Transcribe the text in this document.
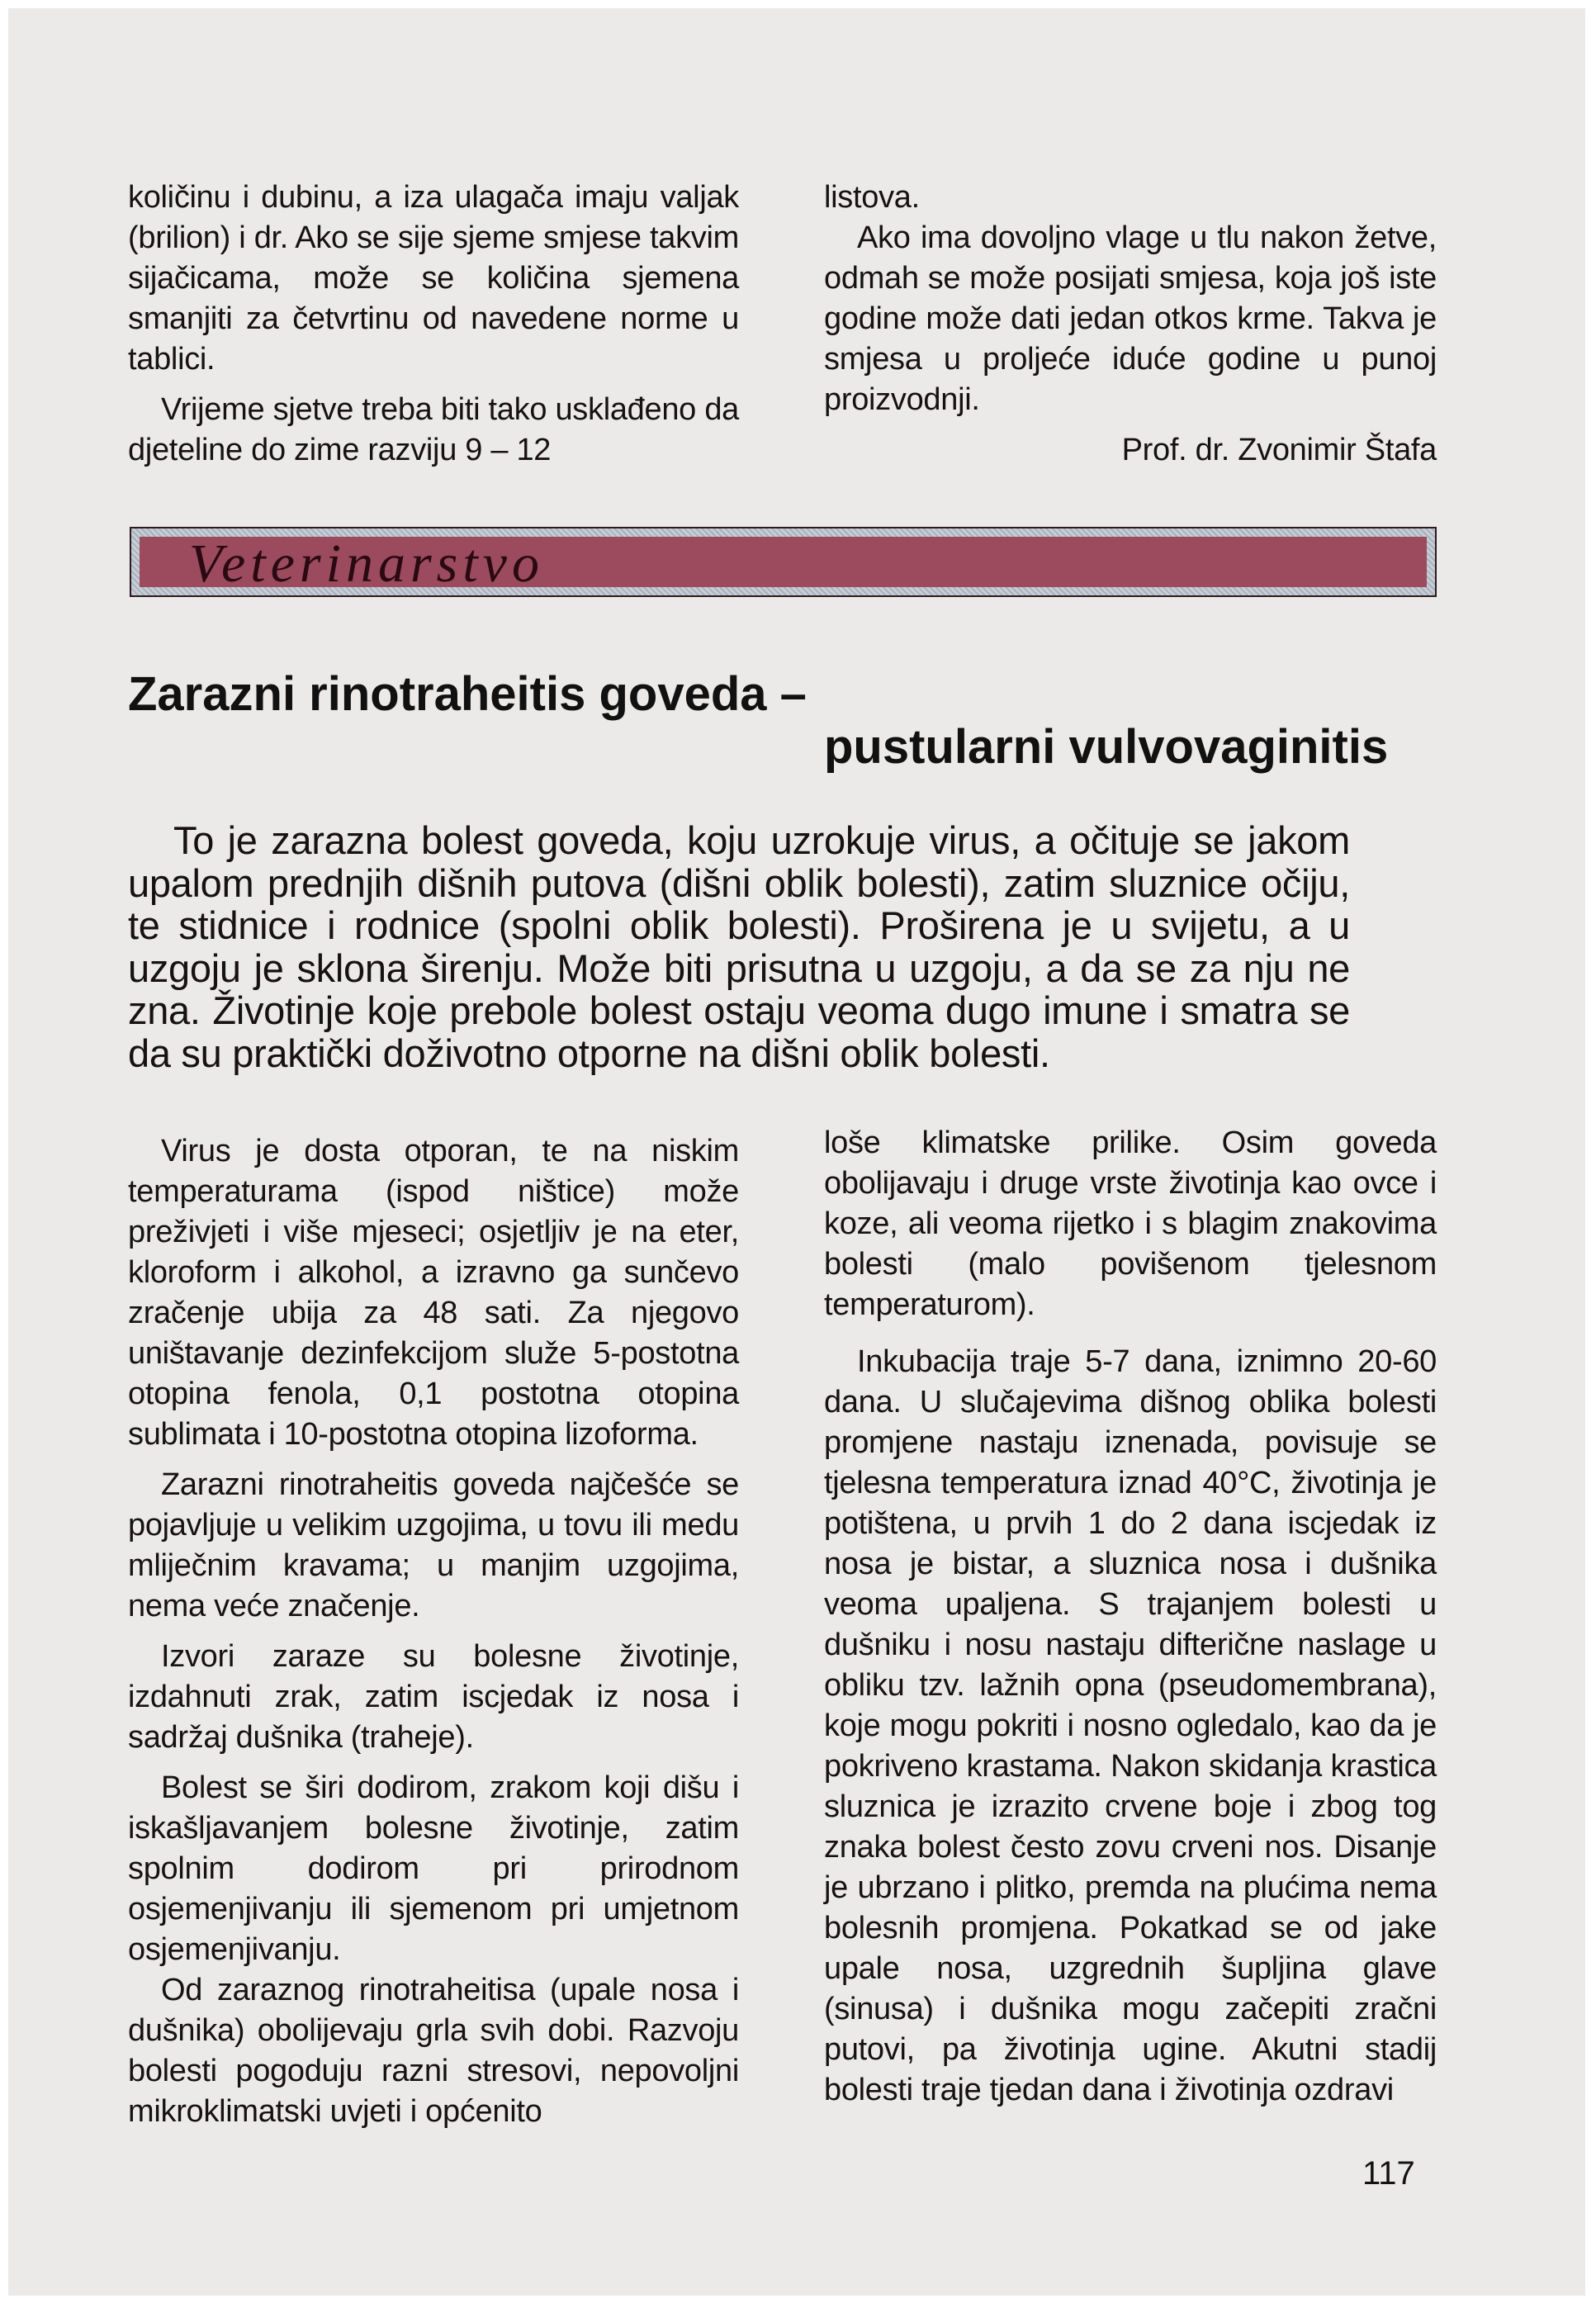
količinu i dubinu, a iza ulagača imaju valjak (brilion) i dr. Ako se sije sjeme smjese takvim sijačicama, može se količina sjemena smanjiti za četvrtinu od navedene norme u tablici.

Vrijeme sjetve treba biti tako usklađeno da djeteline do zime razviju 9 – 12

listova.

Ako ima dovoljno vlage u tlu nakon žetve, odmah se može posijati smjesa, koja još iste godine može dati jedan otkos krme. Takva je smjesa u proljeće iduće godine u punoj proizvodnji.

Prof. dr. Zvonimir Štafa

Veterinarstvo
Zarazni rinotraheitis goveda –
pustularni vulvovaginitis

To je zarazna bolest goveda, koju uzrokuje virus, a očituje se jakom upalom prednjih dišnih putova (dišni oblik bolesti), zatim sluznice očiju, te stidnice i rodnice (spolni oblik bolesti). Proširena je u svijetu, a u uzgoju je sklona širenju. Može biti prisutna u uzgoju, a da se za nju ne zna. Životinje koje prebole bolest ostaju veoma dugo imune i smatra se da su praktički doživotno otporne na dišni oblik bolesti.

Virus je dosta otporan, te na niskim temperaturama (ispod ništice) može preživjeti i više mjeseci; osjetljiv je na eter, kloroform i alkohol, a izravno ga sunčevo zračenje ubija za 48 sati. Za njegovo uništavanje dezinfekcijom služe 5-postotna otopina fenola, 0,1 postotna otopina sublimata i 10-postotna otopina lizoforma.

Zarazni rinotraheitis goveda najčešće se pojavljuje u velikim uzgojima, u tovu ili medu mliječnim kravama; u manjim uzgojima, nema veće značenje.

Izvori zaraze su bolesne životinje, izdahnuti zrak, zatim iscjedak iz nosa i sadržaj dušnika (traheje).

Bolest se širi dodirom, zrakom koji dišu i iskašljavanjem bolesne životinje, zatim spolnim dodirom pri prirodnom osjemenjivanju ili sjemenom pri umjetnom osjemenjivanju.

Od zaraznog rinotraheitisa (upale nosa i dušnika) obolijevaju grla svih dobi. Razvoju bolesti pogoduju razni stresovi, nepovoljni mikroklimatski uvjeti i općenito

loše klimatske prilike. Osim goveda obolijavaju i druge vrste životinja kao ovce i koze, ali veoma rijetko i s blagim znakovima bolesti (malo povišenom tjelesnom temperaturom).

Inkubacija traje 5-7 dana, iznimno 20-60 dana. U slučajevima dišnog oblika bolesti promjene nastaju iznenada, povisuje se tjelesna temperatura iznad 40°C, životinja je potištena, u prvih 1 do 2 dana iscjedak iz nosa je bistar, a sluznica nosa i dušnika veoma upaljena. S trajanjem bolesti u dušniku i nosu nastaju difterične naslage u obliku tzv. lažnih opna (pseudomembrana), koje mogu pokriti i nosno ogledalo, kao da je pokriveno krastama. Nakon skidanja krastica sluznica je izrazito crvene boje i zbog tog znaka bolest često zovu crveni nos. Disanje je ubrzano i plitko, premda na plućima nema bolesnih promjena. Pokatkad se od jake upale nosa, uzgrednih šupljina glave (sinusa) i dušnika mogu začepiti zračni putovi, pa životinja ugine. Akutni stadij bolesti traje tjedan dana i životinja ozdravi

117
